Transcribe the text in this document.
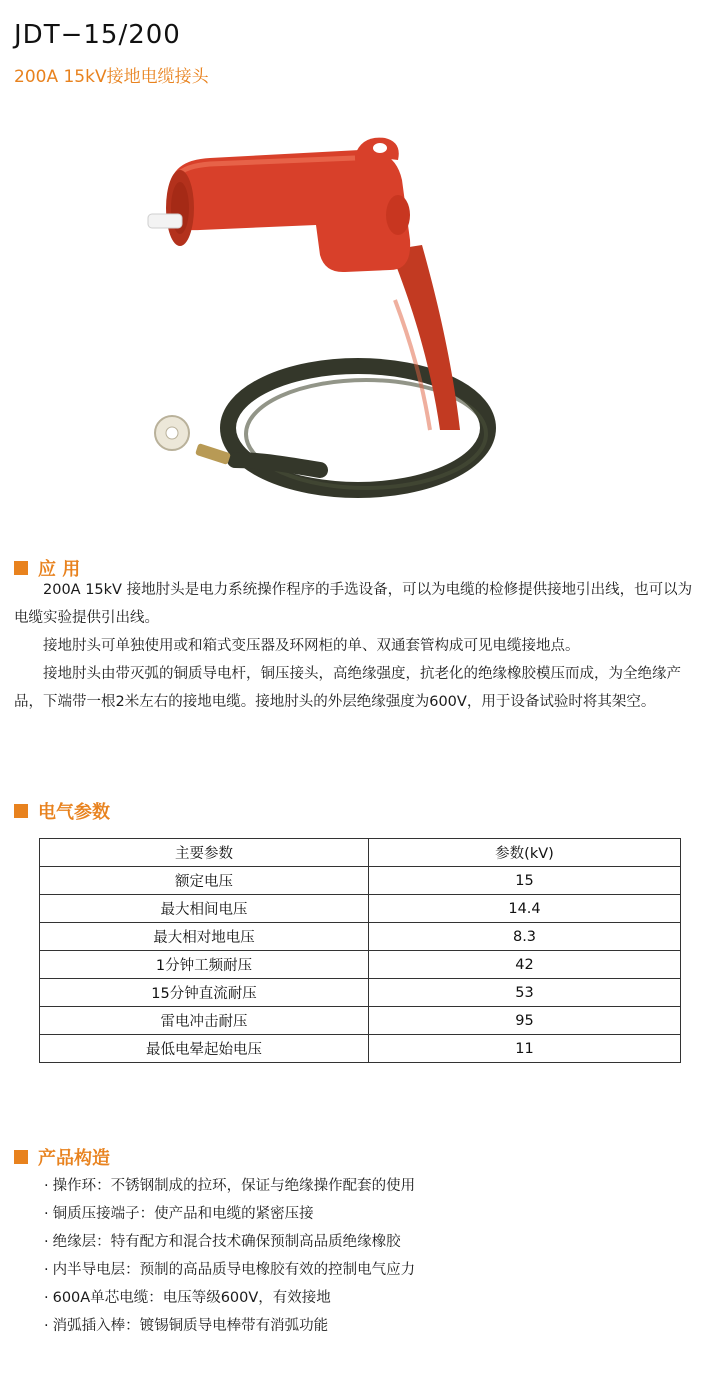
JDT−15/200
200A 15kV接地电缆接头
应 用

200A 15kV 接地肘头是电力系统操作程序的手选设备，可以为电缆的检修提供接地引出线，也可以为电缆实验提供引出线。

接地肘头可单独使用或和箱式变压器及环网柜的单、双通套管构成可见电缆接地点。

接地肘头由带灭弧的铜质导电杆，铜压接头，高绝缘强度，抗老化的绝缘橡胶模压而成，为全绝缘产品，下端带一根2米左右的接地电缆。接地肘头的外层绝缘强度为600V，用于设备试验时将其架空。

电气参数
主要参数	参数(kV)
额定电压	15
最大相间电压	14.4
最大相对地电压	8.3
1分钟工频耐压	42
15分钟直流耐压	53
雷电冲击耐压	95
最低电晕起始电压	11
产品构造
· 操作环：不锈钢制成的拉环，保证与绝缘操作配套的使用
· 铜质压接端子：使产品和电缆的紧密压接
· 绝缘层：特有配方和混合技术确保预制高品质绝缘橡胶
· 内半导电层：预制的高品质导电橡胶有效的控制电气应力
· 600A单芯电缆：电压等级600V，有效接地
· 消弧插入棒：镀锡铜质导电棒带有消弧功能
